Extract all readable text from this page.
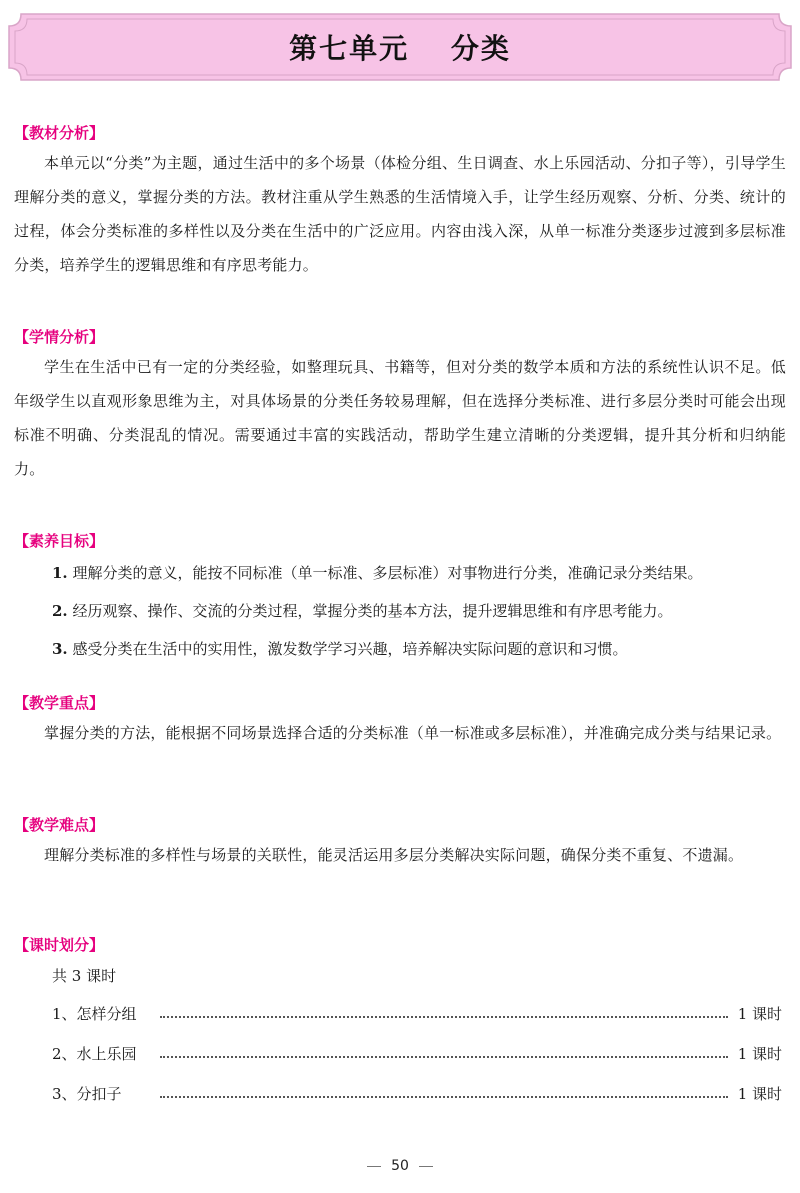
第七单元　 分类
【教材分析】

本单元以“分类”为主题，通过生活中的多个场景（体检分组、生日调查、水上乐园活动、分扣子等），引导学生理解分类的意义，掌握分类的方法。教材注重从学生熟悉的生活情境入手，让学生经历观察、分析、分类、统计的过程，体会分类标准的多样性以及分类在生活中的广泛应用。内容由浅入深，从单一标准分类逐步过渡到多层标准分类，培养学生的逻辑思维和有序思考能力。

【学情分析】

学生在生活中已有一定的分类经验，如整理玩具、书籍等，但对分类的数学本质和方法的系统性认识不足。低年级学生以直观形象思维为主，对具体场景的分类任务较易理解，但在选择分类标准、进行多层分类时可能会出现标准不明确、分类混乱的情况。需要通过丰富的实践活动，帮助学生建立清晰的分类逻辑，提升其分析和归纳能力。

【素养目标】
1. 理解分类的意义，能按不同标准（单一标准、多层标准）对事物进行分类，准确记录分类结果。
2. 经历观察、操作、交流的分类过程，掌握分类的基本方法，提升逻辑思维和有序思考能力。
3. 感受分类在生活中的实用性，激发数学学习兴趣，培养解决实际问题的意识和习惯。
【教学重点】

掌握分类的方法，能根据不同场景选择合适的分类标准（单一标准或多层标准），并准确完成分类与结果记录。

【教学难点】

理解分类标准的多样性与场景的关联性，能灵活运用多层分类解决实际问题，确保分类不重复、不遗漏。

【课时划分】
共 3 课时
1、怎样分组	1 课时
2、水上乐园	1 课时
3、分扣子	1 课时
50
